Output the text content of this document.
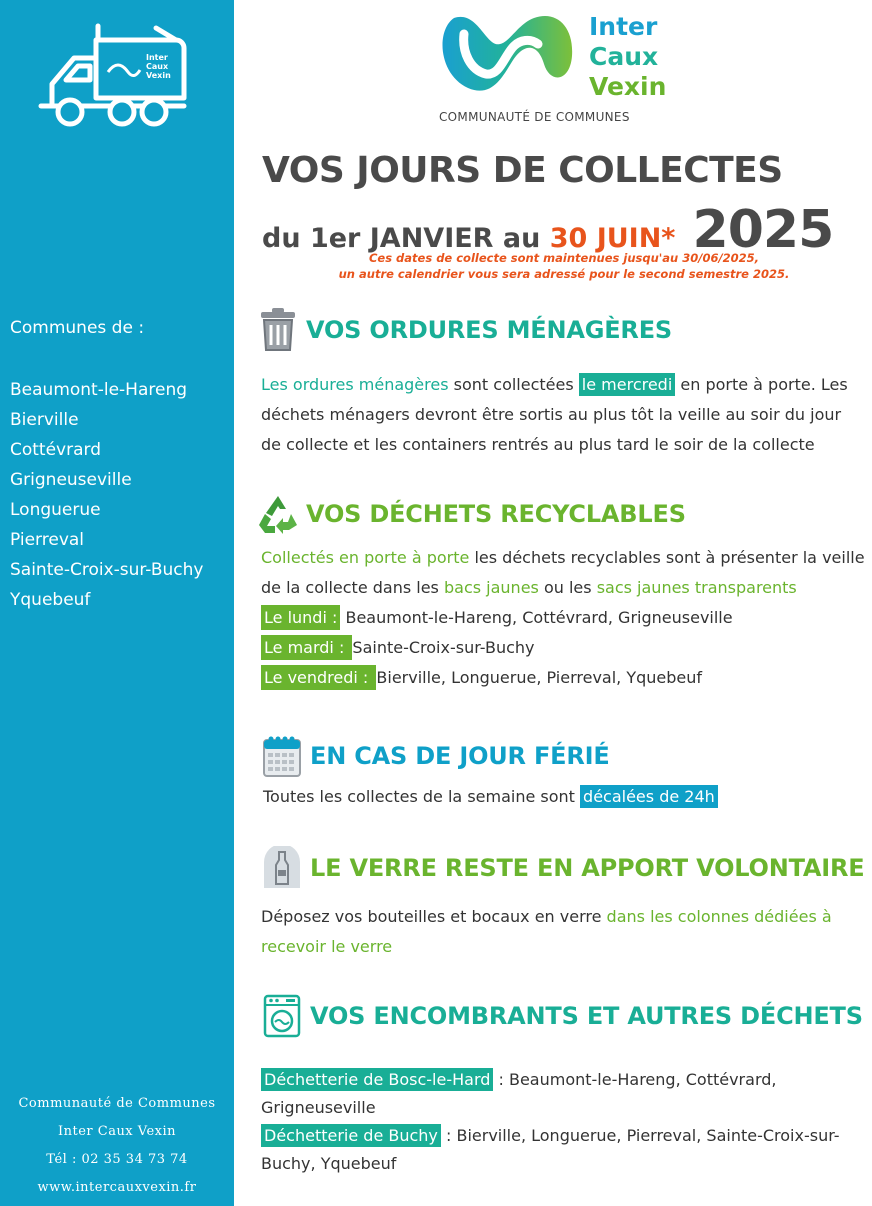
Inter
Caux
Vexin
Communes de :
Beaumont-le-Hareng
Bierville
Cottévrard
Grigneuseville
Longuerue
Pierreval
Sainte-Croix-sur-Buchy
Yquebeuf
Communauté de Communes
Inter Caux Vexin
Tél : 02 35 34 73 74
www.intercauxvexin.fr
Inter
Caux
Vexin
COMMUNAUTÉ DE COMMUNES
VOS JOURS DE COLLECTES
du 1er JANVIER au 30 JUIN* 2025
Ces dates de collecte sont maintenues jusqu'au 30/06/2025,
un autre calendrier vous sera adressé pour le second semestre 2025.
VOS ORDURES MÉNAGÈRES
Les ordures ménagères sont collectées le mercredi en porte à porte. Les déchets ménagers devront être sortis au plus tôt la veille au soir du jour de collecte et les containers rentrés au plus tard le soir de la collecte
VOS DÉCHETS RECYCLABLES
Collectés en porte à porte les déchets recyclables sont à présenter la veille de la collecte dans les bacs jaunes ou les sacs jaunes transparents
Le lundi : Beaumont-le-Hareng, Cottévrard, Grigneuseville
Le mardi : Sainte-Croix-sur-Buchy
Le vendredi : Bierville, Longuerue, Pierreval, Yquebeuf
EN CAS DE JOUR FÉRIÉ
Toutes les collectes de la semaine sont décalées de 24h
LE VERRE RESTE EN APPORT VOLONTAIRE
Déposez vos bouteilles et bocaux en verre dans les colonnes dédiées à recevoir le verre
VOS ENCOMBRANTS ET AUTRES DÉCHETS
Déchetterie de Bosc-le-Hard : Beaumont-le-Hareng, Cottévrard, Grigneuseville
Déchetterie de Buchy : Bierville, Longuerue, Pierreval, Sainte-Croix-sur-Buchy, Yquebeuf
